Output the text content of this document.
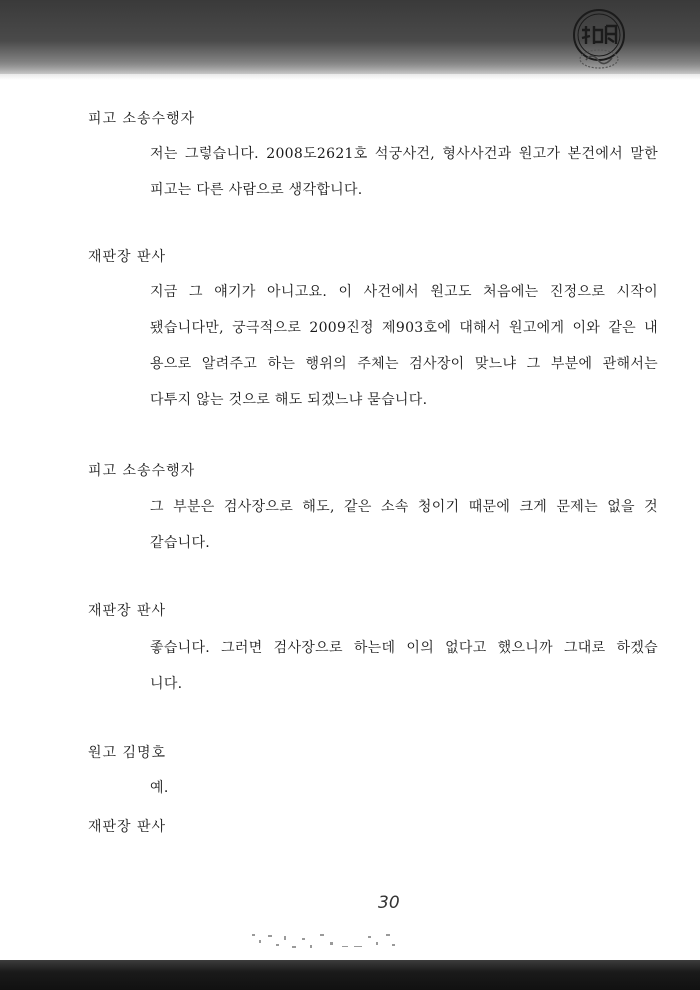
피고 소송수행자
저는 그렇습니다. 2008도2621호 석궁사건, 형사사건과 원고가 본건에서 말한
피고는 다른 사람으로 생각합니다.
재판장 판사
지금 그 얘기가 아니고요. 이 사건에서 원고도 처음에는 진정으로 시작이
됐습니다만, 궁극적으로 2009진정 제903호에 대해서 원고에게 이와 같은 내
용으로 알려주고 하는 행위의 주체는 검사장이 맞느냐 그 부분에 관해서는
다투지 않는 것으로 해도 되겠느냐 묻습니다.
피고 소송수행자
그 부분은 검사장으로 해도, 같은 소속 청이기 때문에 크게 문제는 없을 것
같습니다.
재판장 판사
좋습니다. 그러면 검사장으로 하는데 이의 없다고 했으니까 그대로 하겠습
니다.
원고 김명호
예.
재판장 판사
30
